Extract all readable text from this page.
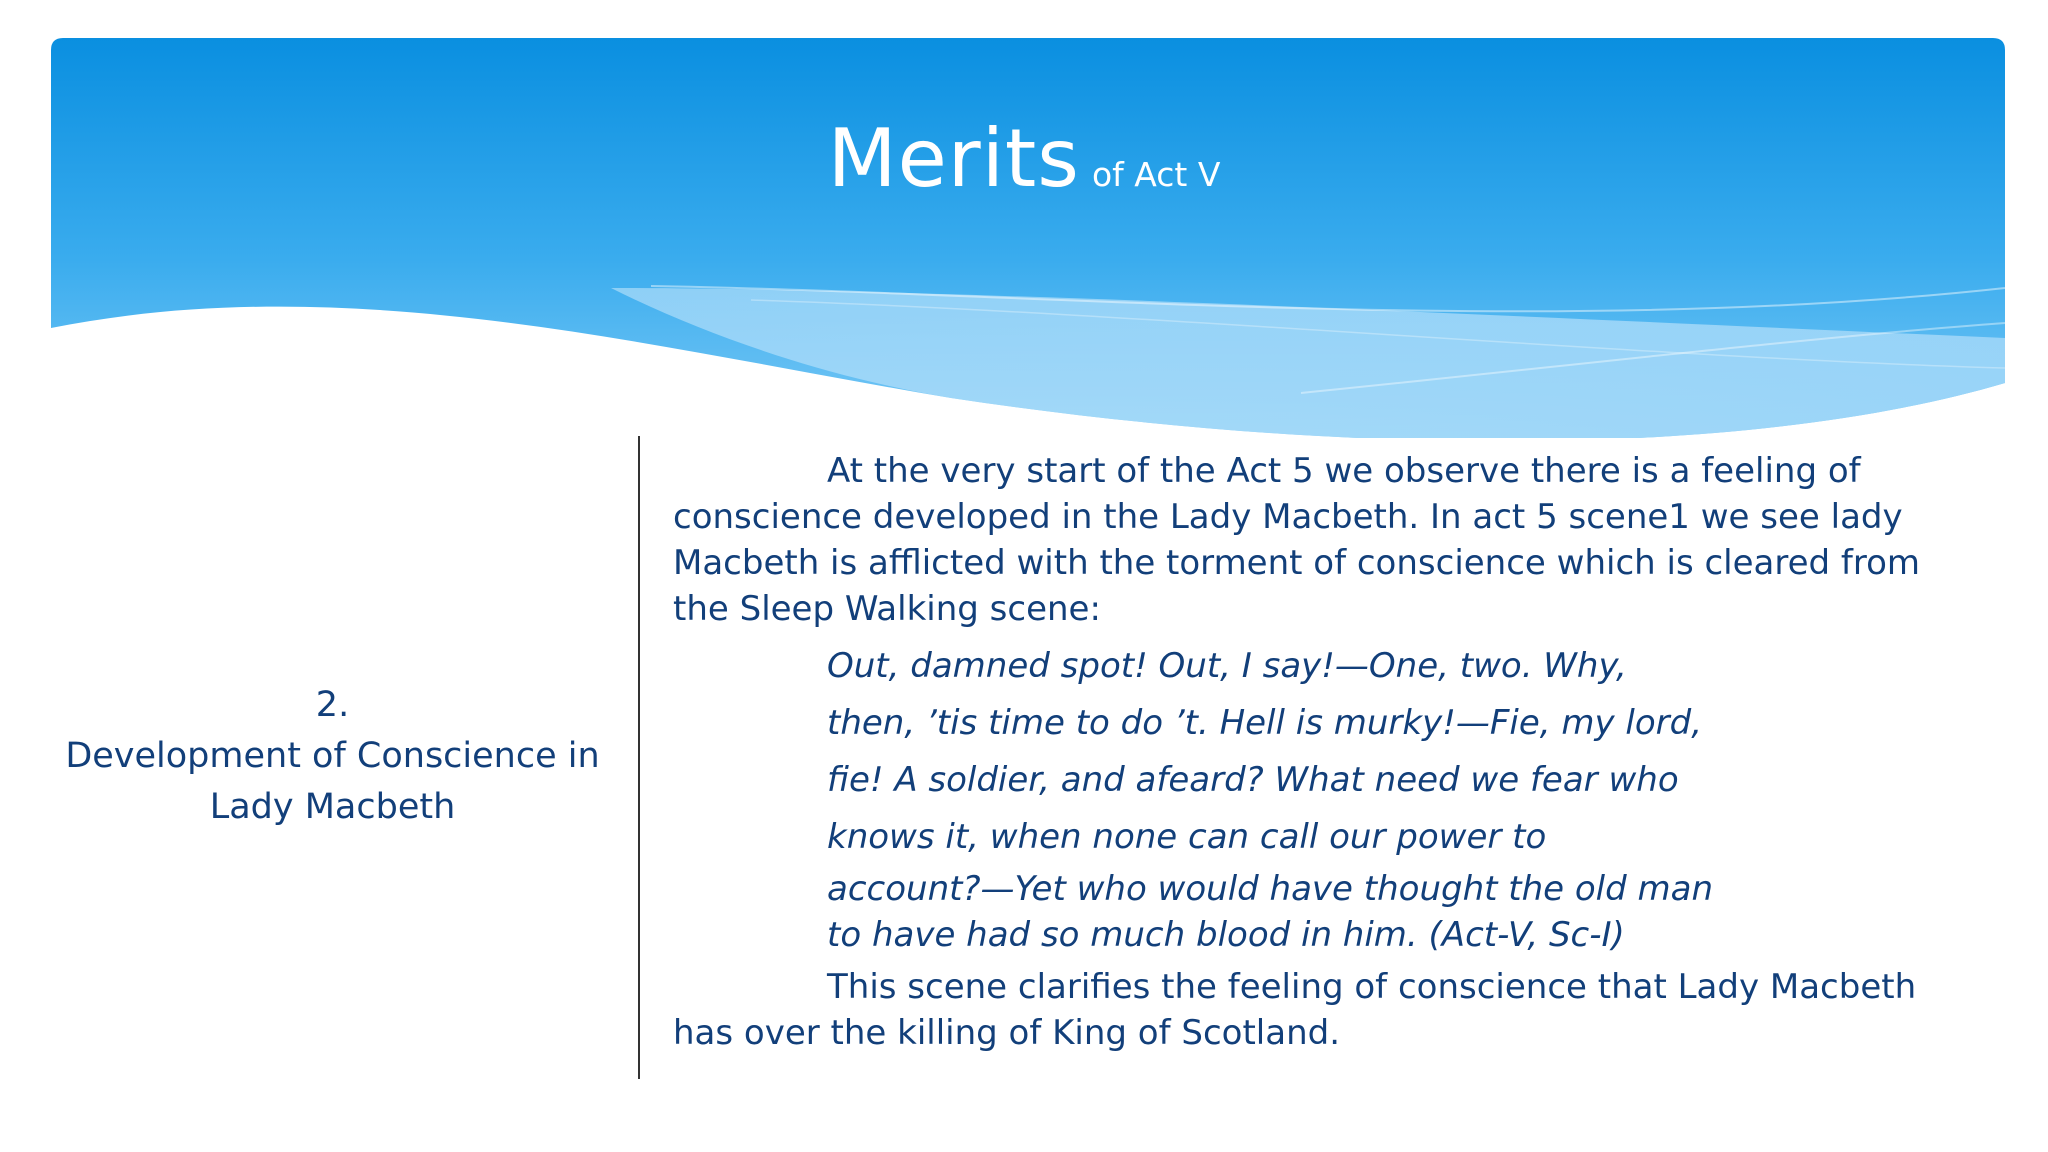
Merits of Act V
2.
Development of Conscience in
Lady Macbeth

At the very start of the Act 5 we observe there is a feeling of
conscience developed in the Lady Macbeth. In act 5 scene1 we see lady
Macbeth is afflicted with the torment of conscience which is cleared from
the Sleep Walking scene:

Out, damned spot! Out, I say!—One, two. Why,
then, ’tis time to do ’t. Hell is murky!—Fie, my lord,
fie! A soldier, and afeard? What need we fear who
knows it, when none can call our power to
account?—Yet who would have thought the old man
to have had so much blood in him. (Act-V, Sc-I)

This scene clarifies the feeling of conscience that Lady Macbeth
has over the killing of King of Scotland.
